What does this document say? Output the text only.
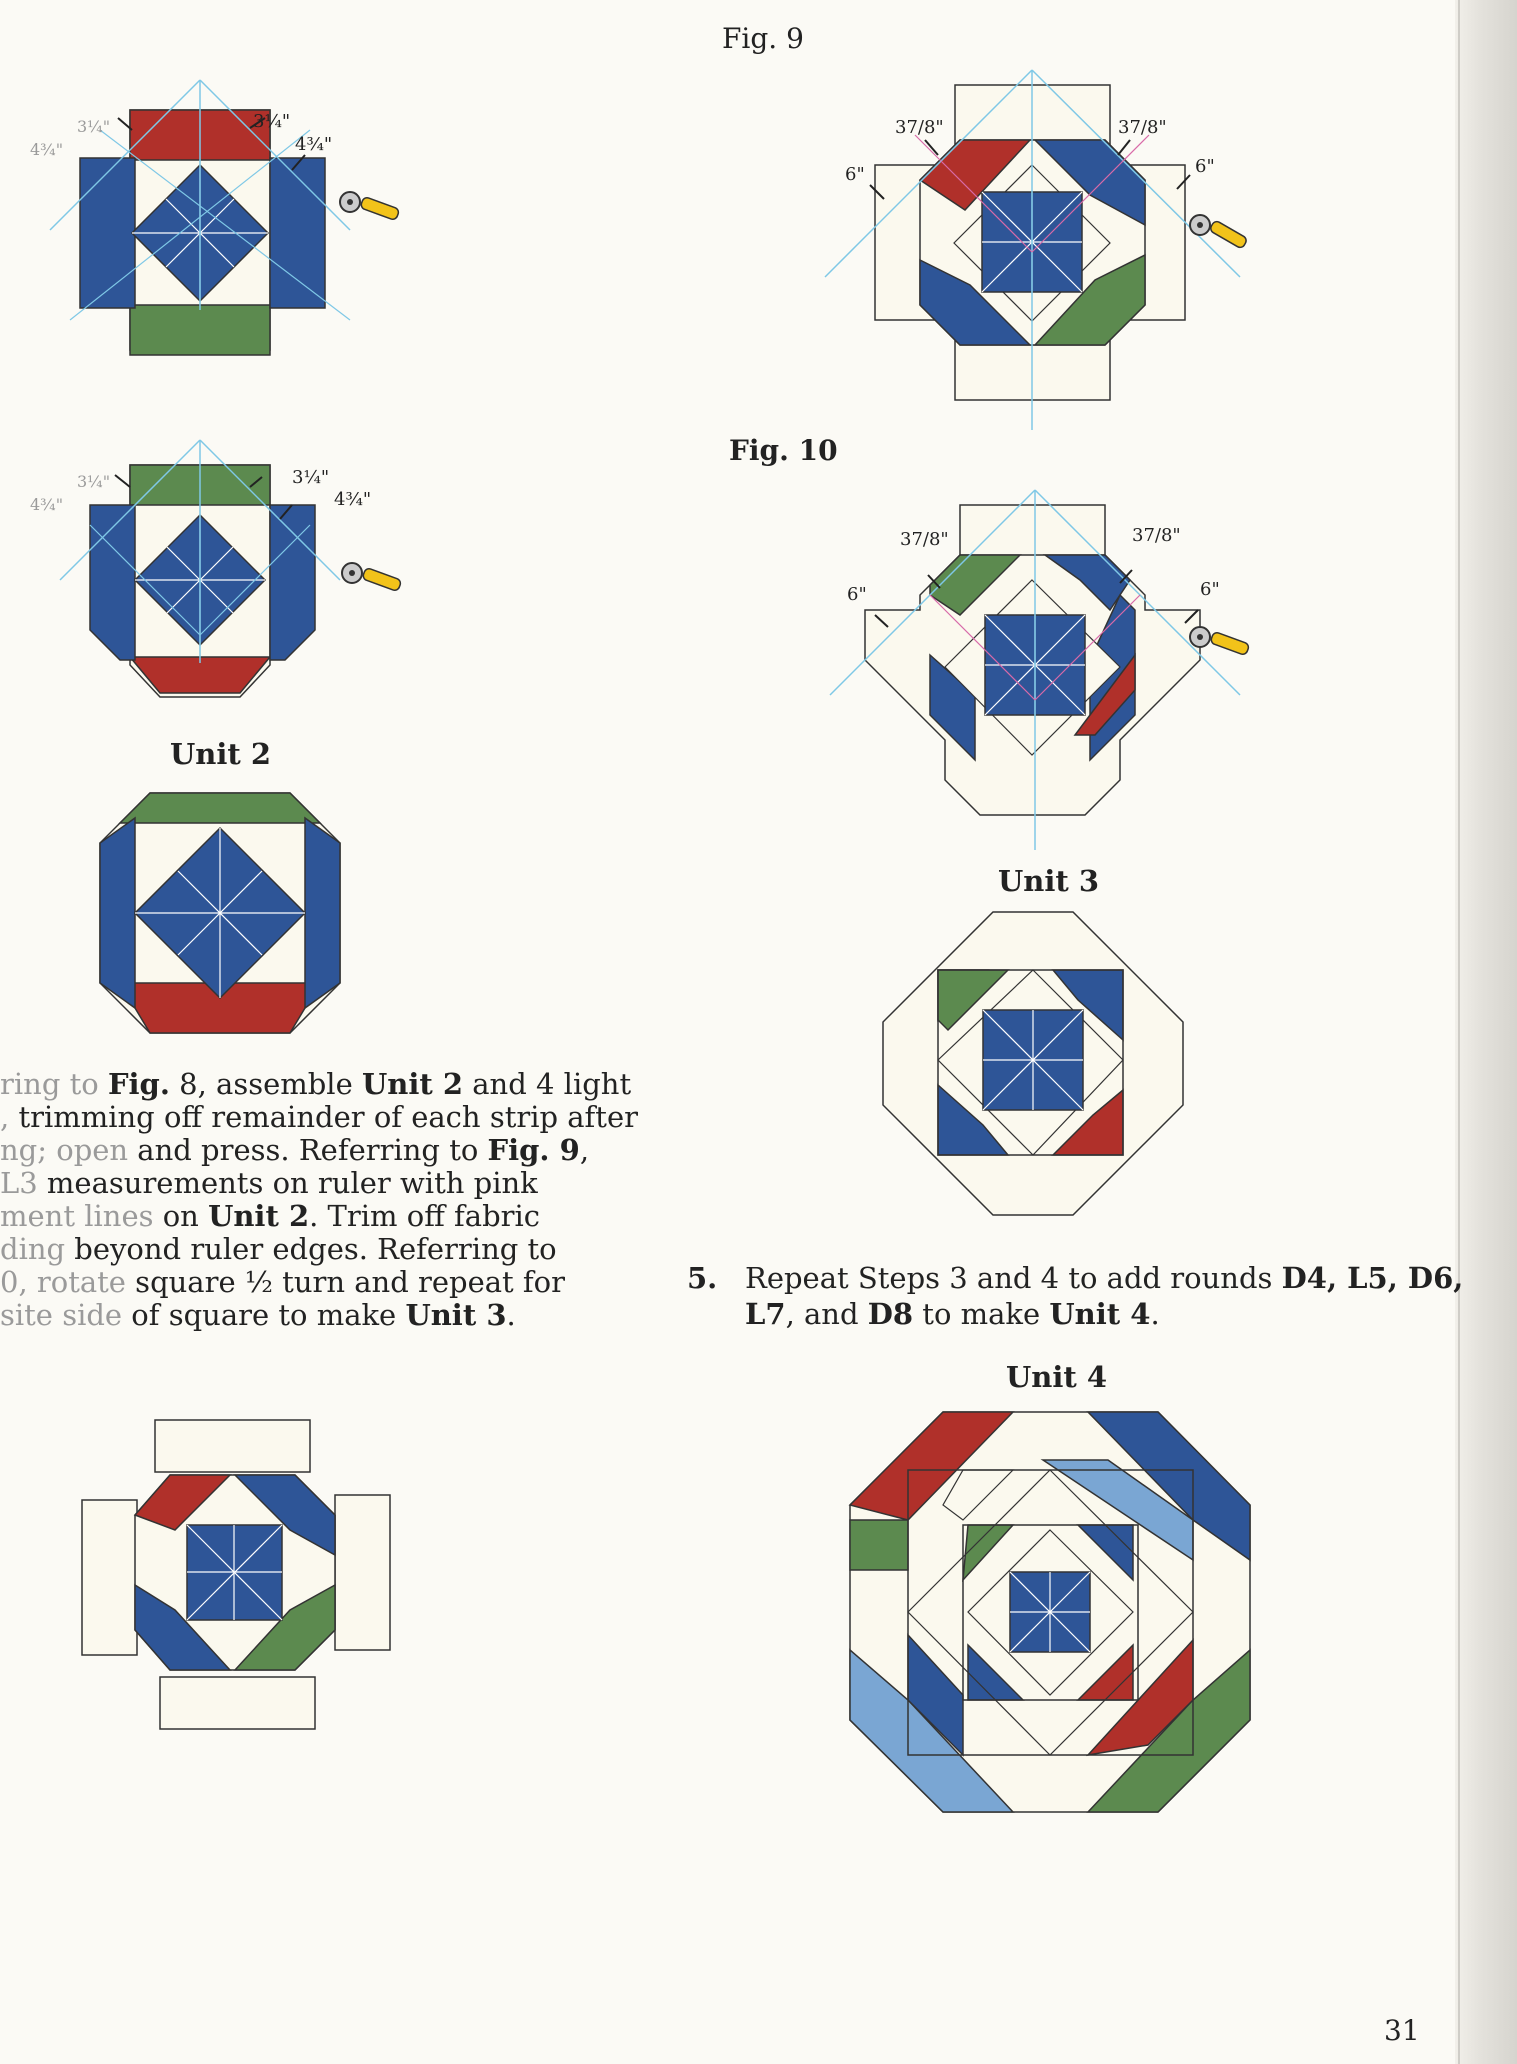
3¼"
4¾"
3¼"
4¾"
3¼"
4¾"
3¼"
4¾"
Unit 2
ring to Fig. 8, assemble Unit 2 and 4 light
, trimming off remainder of each strip after
ng; open and press. Referring to Fig. 9,
L3 measurements on ruler with pink
ment lines on Unit 2. Trim off fabric
ding beyond ruler edges. Referring to
0, rotate square ½ turn and repeat for
site side of square to make Unit 3.
Fig. 9
37/8"	37/8"
6"	6"
Fig. 10
37/8"	37/8"
6"	6"
Unit 3
5. Repeat Steps 3 and 4 to add rounds D4, L5, D6,
L7, and D8 to make Unit 4.
Unit 4
31
